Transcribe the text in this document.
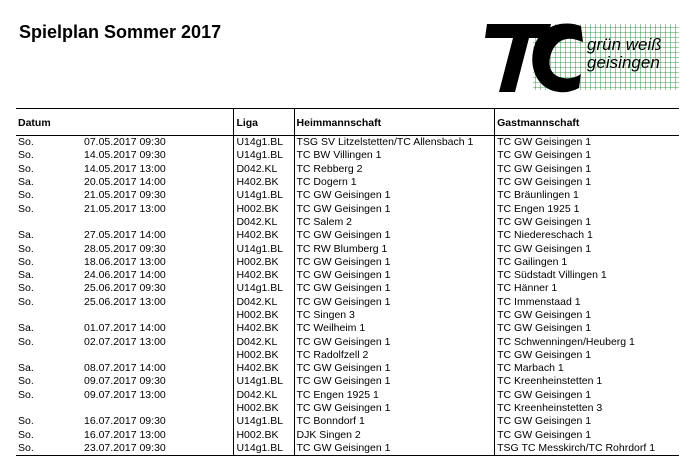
Spielplan Sommer 2017
grün weiß
geisingen
Datum	Liga	Heimmannschaft	Gastmannschaft
So. 07.05.2017 09:30	U14g1.BL	TSG SV Litzelstetten/TC Allensbach 1	TC GW Geisingen 1
So. 14.05.2017 09:30	U14g1.BL	TC BW Villingen 1	TC GW Geisingen 1
So. 14.05.2017 13:00	D042.KL	TC Rebberg 2	TC GW Geisingen 1
Sa. 20.05.2017 14:00	H402.BK	TC Dogern 1	TC GW Geisingen 1
So. 21.05.2017 09:30	U14g1.BL	TC GW Geisingen 1	TC Bräunlingen 1
So. 21.05.2017 13:00	H002.BK	TC GW Geisingen 1	TC Engen 1925 1
	D042.KL	TC Salem 2	TC GW Geisingen 1
Sa. 27.05.2017 14:00	H402.BK	TC GW Geisingen 1	TC Niedereschach 1
So. 28.05.2017 09:30	U14g1.BL	TC RW Blumberg 1	TC GW Geisingen 1
So. 18.06.2017 13:00	H002.BK	TC GW Geisingen 1	TC Gailingen 1
Sa. 24.06.2017 14:00	H402.BK	TC GW Geisingen 1	TC Südstadt Villingen 1
So. 25.06.2017 09:30	U14g1.BL	TC GW Geisingen 1	TC Hänner 1
So. 25.06.2017 13:00	D042.KL	TC GW Geisingen 1	TC Immenstaad 1
	H002.BK	TC Singen 3	TC GW Geisingen 1
Sa. 01.07.2017 14:00	H402.BK	TC Weilheim 1	TC GW Geisingen 1
So. 02.07.2017 13:00	D042.KL	TC GW Geisingen 1	TC Schwenningen/Heuberg 1
	H002.BK	TC Radolfzell 2	TC GW Geisingen 1
Sa. 08.07.2017 14:00	H402.BK	TC GW Geisingen 1	TC Marbach 1
So. 09.07.2017 09:30	U14g1.BL	TC GW Geisingen 1	TC Kreenheinstetten 1
So. 09.07.2017 13:00	D042.KL	TC Engen 1925 1	TC GW Geisingen 1
	H002.BK	TC GW Geisingen 1	TC Kreenheinstetten 3
So. 16.07.2017 09:30	U14g1.BL	TC Bonndorf 1	TC GW Geisingen 1
So. 16.07.2017 13:00	H002.BK	DJK Singen 2	TC GW Geisingen 1
So. 23.07.2017 09:30	U14g1.BL	TC GW Geisingen 1	TSG TC Messkirch/TC Rohrdorf 1
